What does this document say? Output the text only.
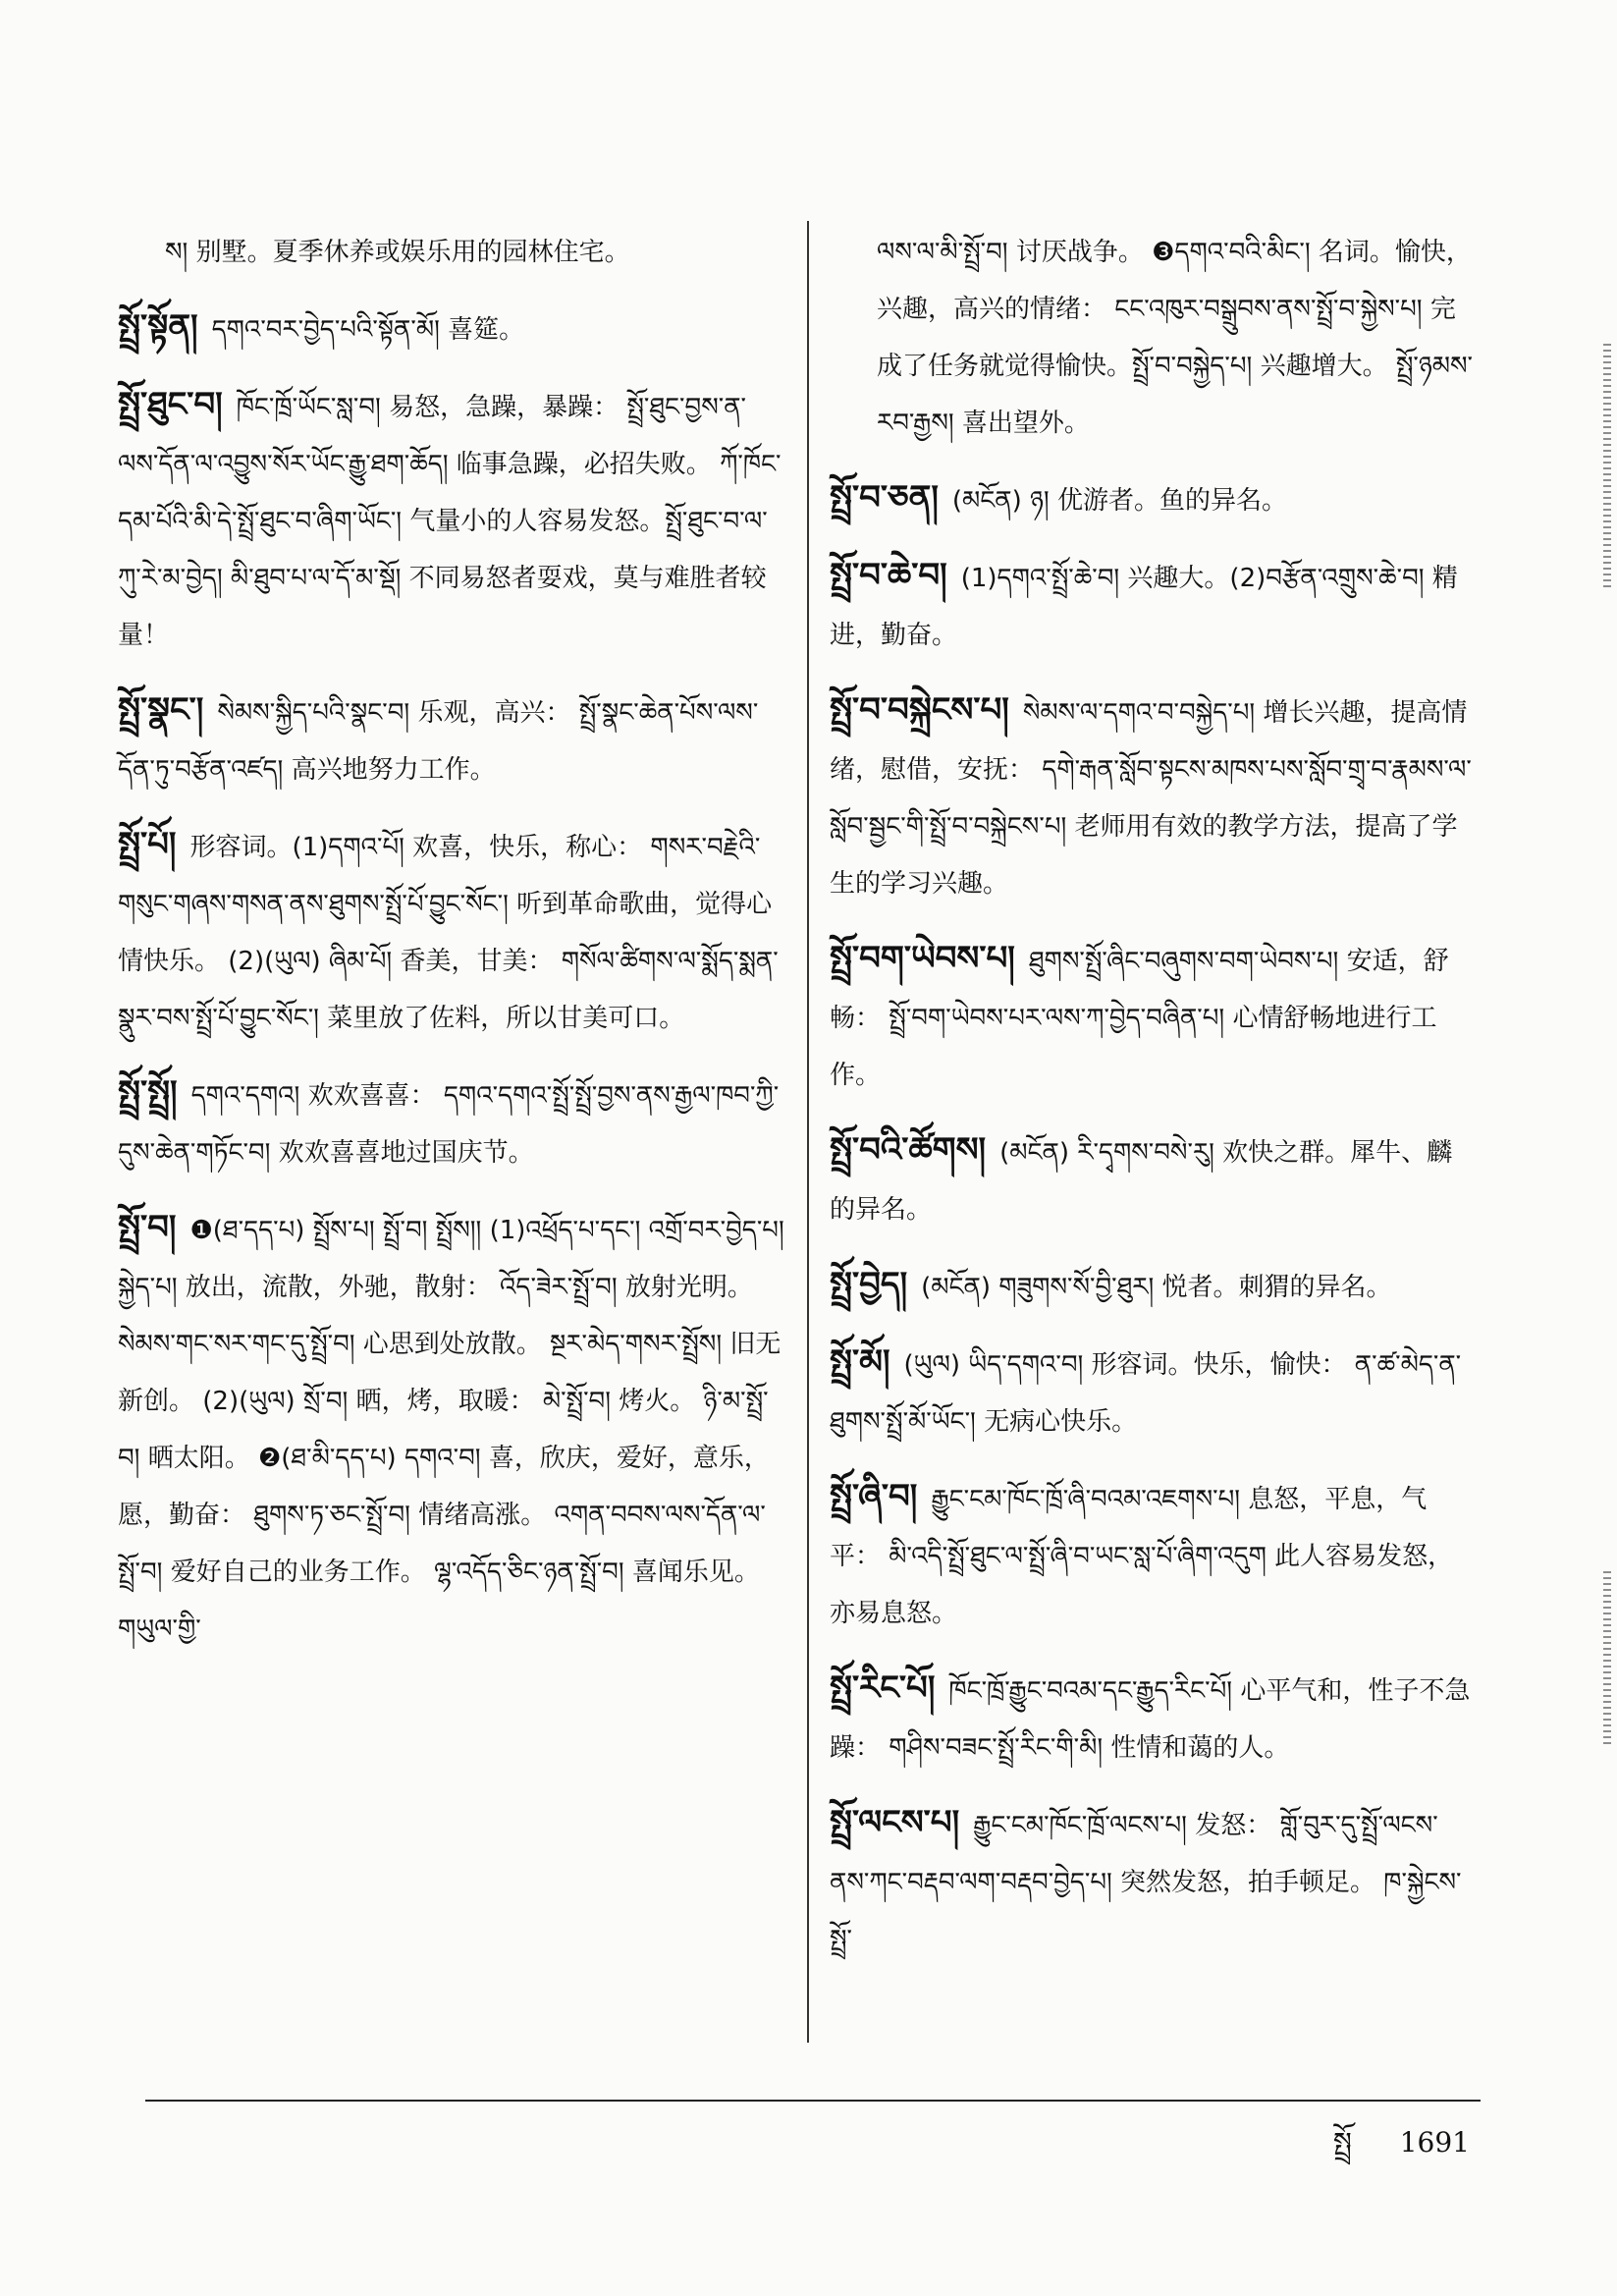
ས། 别墅。夏季休养或娱乐用的园林住宅。
སྤྲོ་སྟོན། དགའ་བར་བྱེད་པའི་སྟོན་མོ། 喜筵。
སྤྲོ་ཐུང་བ། ཁོང་ཁྲོ་ཡོང་སླ་བ། 易怒，急躁，暴躁： སྤྲོ་ཐུང་བྱས་ན་ལས་དོན་ལ་འབྱུས་སོར་ཡོང་རྒྱུ་ཐག་ཆོད། 临事急躁，必招失败。 ཀོ་ཁོང་དམ་པོའི་མི་དེ་སྤྲོ་ཐུང་བ་ཞིག་ཡོང་། 气量小的人容易发怒。སྤྲོ་ཐུང་བ་ལ་ཀུ་རེ་མ་བྱེད། མི་ཐུབ་པ་ལ་དོ་མ་སྡོ། 不同易怒者耍戏，莫与难胜者较量！
སྤྲོ་སྣང་། སེམས་སྐྱིད་པའི་སྣང་བ། 乐观，高兴： སྤྲོ་སྣང་ཆེན་པོས་ལས་དོན་ཏུ་བརྩོན་འཛད། 高兴地努力工作。
སྤྲོ་པོ། 形容词。(1)དགའ་པོ། 欢喜，快乐，称心： གསར་བརྗེའི་གསུང་གཞས་གསན་ནས་ཐུགས་སྤྲོ་པོ་བྱུང་སོང་། 听到革命歌曲，觉得心情快乐。 (2)(ཡུལ) ཞིམ་པོ། 香美，甘美： གསོལ་ཚིགས་ལ་སྨོད་སྨན་སྣུར་བས་སྤྲོ་པོ་བྱུང་སོང་། 菜里放了佐料，所以甘美可口。
སྤྲོ་སྤྲོ། དགའ་དགའ། 欢欢喜喜： དགའ་དགའ་སྤྲོ་སྤྲོ་བྱས་ནས་རྒྱལ་ཁབ་ཀྱི་དུས་ཆེན་གཏོང་བ། 欢欢喜喜地过国庆节。
སྤྲོ་བ། ❶(ཐ་དད་པ) སྤྲོས་པ། སྤྲོ་བ། སྤྲོས།། (1)འཕྲོད་པ་དང་། འགྲོ་བར་བྱེད་པ། སྐྱེད་པ། 放出，流散，外驰，散射： འོད་ཟེར་སྤྲོ་བ། 放射光明。 སེམས་གང་སར་གང་དུ་སྤྲོ་བ། 心思到处放散。 སྔར་མེད་གསར་སྤྲོས། 旧无新创。 (2)(ཡུལ) སྲོ་བ། 晒，烤，取暖： མེ་སྤྲོ་བ། 烤火。 ཉི་མ་སྤྲོ་བ། 晒太阳。 ❷(ཐ་མི་དད་པ) དགའ་བ། 喜，欣庆，爱好，意乐，愿，勤奋： ཐུགས་ཏ་ཅང་སྤྲོ་བ། 情绪高涨。 འགན་བབས་ལས་དོན་ལ་སྤྲོ་བ། 爱好自己的业务工作。 ལྷ་འདོད་ཅིང་ཉན་སྤྲོ་བ། 喜闻乐见。 གཡུལ་གྱི་
ལས་ལ་མི་སྤྲོ་བ། 讨厌战争。 ❸དགའ་བའི་མིང་། 名词。愉快，兴趣，高兴的情绪： ངང་འཁུར་བསྒྲུབས་ནས་སྤྲོ་བ་སྐྱེས་པ། 完成了任务就觉得愉快。སྤྲོ་བ་བསྐྱེད་པ། 兴趣增大。 སྤྲོ་ཉམས་རབ་རྒྱས། 喜出望外。
སྤྲོ་བ་ཅན། (མངོན) ཉ། 优游者。鱼的异名。
སྤྲོ་བ་ཆེ་བ། (1)དགའ་སྤྲོ་ཆེ་བ། 兴趣大。(2)བརྩོན་འགྲུས་ཆེ་བ། 精进，勤奋。
སྤྲོ་བ་བསྐྲེངས་པ། སེམས་ལ་དགའ་བ་བསྐྱེད་པ། 增长兴趣，提高情绪，慰借，安抚： དགེ་རྒན་སློབ་སྟངས་མཁས་པས་སློབ་གྲྭ་བ་རྣམས་ལ་སློབ་སྦྱང་གི་སྤྲོ་བ་བསྐྲེངས་པ། 老师用有效的教学方法，提高了学生的学习兴趣。
སྤྲོ་བག་ཡེབས་པ། ཐུགས་སྤྲོ་ཞིང་བཞུགས་བག་ཡེབས་པ། 安适，舒畅： སྤྲོ་བག་ཡེབས་པར་ལས་ཀ་བྱེད་བཞིན་པ། 心情舒畅地进行工作。
སྤྲོ་བའི་ཚོགས། (མངོན) རི་དྭགས་བསེ་རུ། 欢快之群。犀牛、麟的异名。
སྤྲོ་བྱེད། (མངོན) གཟུགས་སོ་བྱི་ཐུར། 悦者。刺猬的异名。
སྤྲོ་མོ། (ཡུལ) ཡིད་དགའ་བ། 形容词。快乐，愉快： ན་ཚ་མེད་ན་ཐུགས་སྤྲོ་མོ་ཡོང་། 无病心快乐。
སྤྲོ་ཞི་བ། རྒྱུང་ངམ་ཁོང་ཁྲོ་ཞི་བའམ་འཇགས་པ། 息怒，平息，气平： མི་འདི་སྤྲོ་ཐུང་ལ་སྤྲོ་ཞི་བ་ཡང་སླ་པོ་ཞིག་འདུག 此人容易发怒，亦易息怒。
སྤྲོ་རིང་པོ། ཁོང་ཁྲོ་རྒྱུང་བའམ་དང་རྒྱུད་རིང་པོ། 心平气和，性子不急躁： གཤིས་བཟང་སྤྲོ་རིང་གི་མི། 性情和蔼的人。
སྤྲོ་ལངས་པ། རྒྱུང་ངམ་ཁོང་ཁྲོ་ལངས་པ། 发怒： གློ་བུར་དུ་སྤྲོ་ལངས་ནས་ཀང་བརྡབ་ལག་བརྡབ་བྱེད་པ། 突然发怒，拍手顿足。 ཁ་སྐྱེངས་སྤྲོ་
སྤྲོ 1691
